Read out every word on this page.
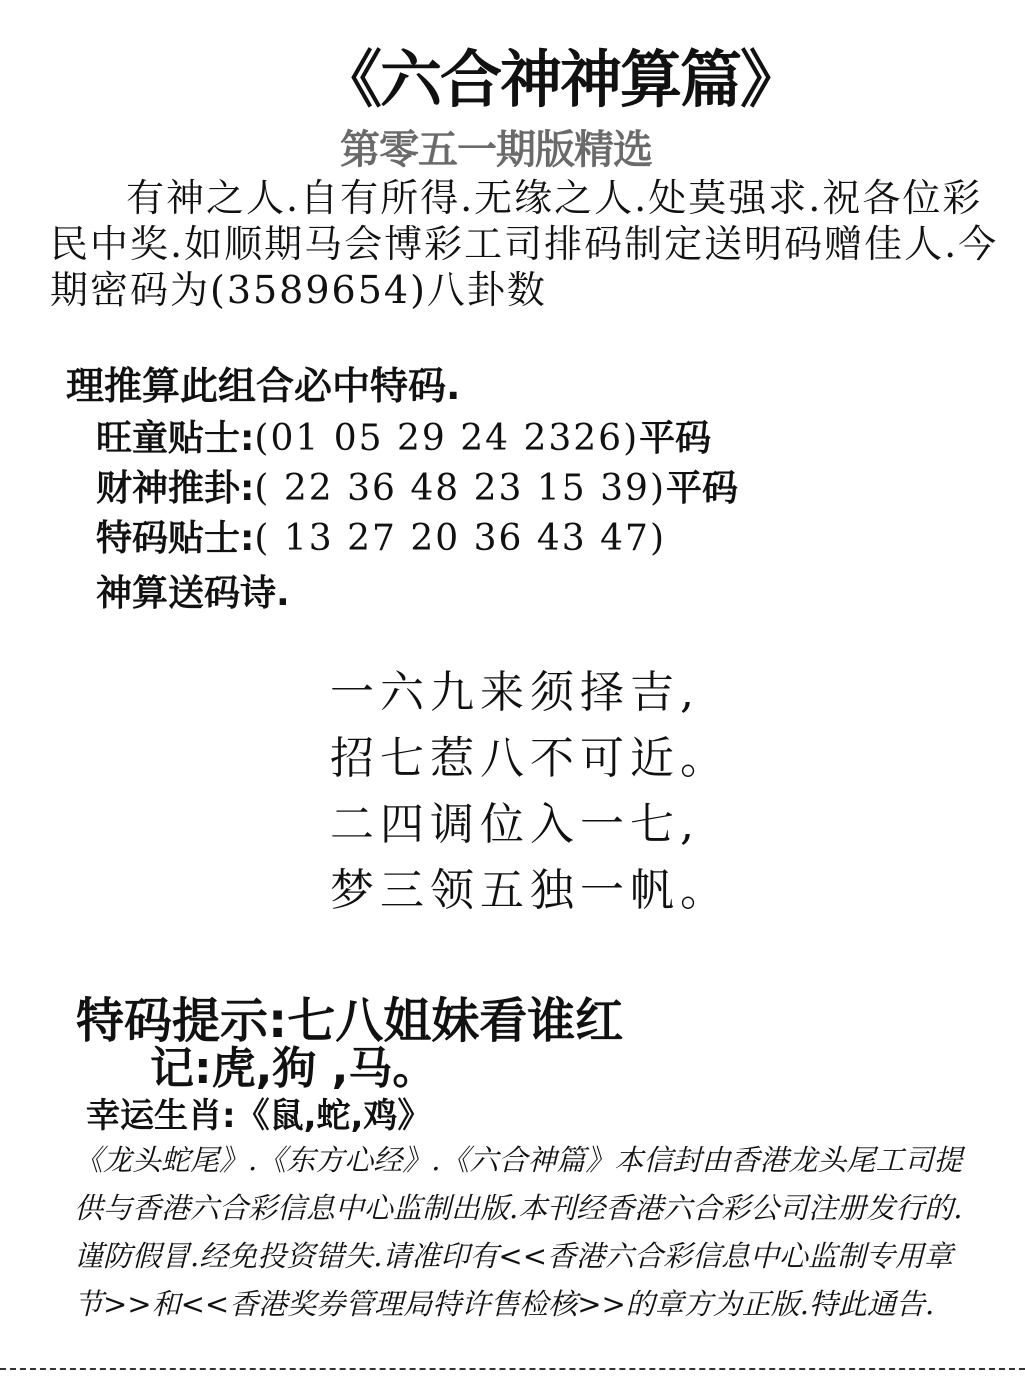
《六合神神算篇》
第零五一期版精选
有神之人.自有所得.无缘之人.处莫强求.祝各位彩民中奖.如顺期马会博彩工司排码制定送明码赠佳人.今期密码为(3589654)八卦数
理推算此组合必中特码.
旺童贴士:(01 05 29 24 2326)平码
财神推卦:( 22 36 48 23 15 39)平码
特码贴士:( 13 27 20 36 43 47)
神算送码诗.
一六九来须择吉,
招七惹八不可近。
二四调位入一七,
梦三领五独一帆。
特码提示:七八姐妹看谁红
记:虎,狗 ,马。
幸运生肖:《鼠,蛇,鸡》
《龙头蛇尾》.《东方心经》.《六合神篇》本信封由香港龙头尾工司提供与香港六合彩信息中心监制出版.本刊经香港六合彩公司注册发行的.谨防假冒.经免投资错失.请准印有<<香港六合彩信息中心监制专用章节>>和<<香港奖券管理局特许售检核>>的章方为正版.特此通告.
